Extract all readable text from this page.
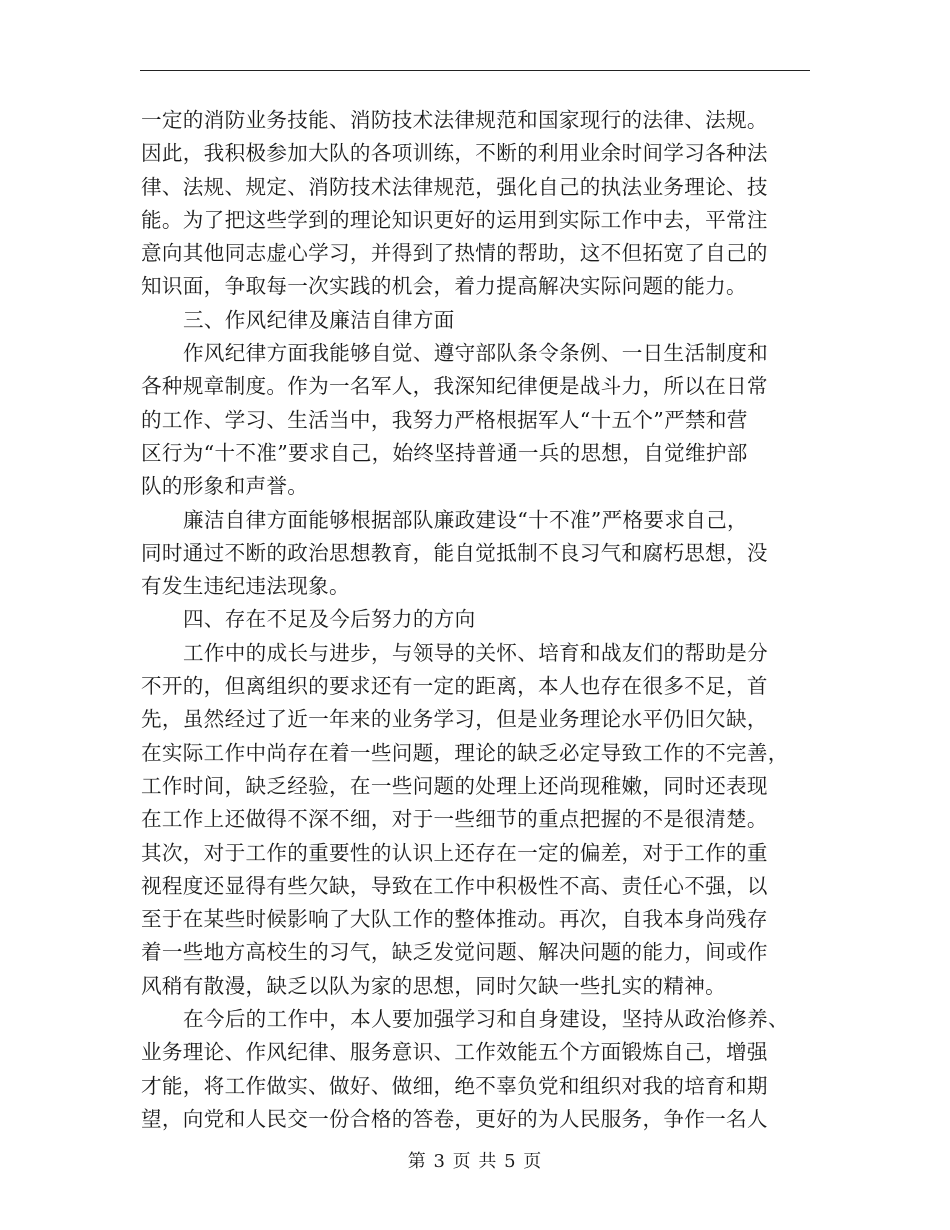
一定的消防业务技能、消防技术法律规范和国家现行的法律、法规。
因此，我积极参加大队的各项训练，不断的利用业余时间学习各种法
律、法规、规定、消防技术法律规范，强化自己的执法业务理论、技
能。为了把这些学到的理论知识更好的运用到实际工作中去，平常注
意向其他同志虚心学习，并得到了热情的帮助，这不但拓宽了自己的
知识面，争取每一次实践的机会，着力提高解决实际问题的能力。
三、作风纪律及廉洁自律方面
作风纪律方面我能够自觉、遵守部队条令条例、一日生活制度和
各种规章制度。作为一名军人，我深知纪律便是战斗力，所以在日常
的工作、学习、生活当中，我努力严格根据军人“十五个”严禁和营
区行为“十不准”要求自己，始终坚持普通一兵的思想，自觉维护部
队的形象和声誉。
廉洁自律方面能够根据部队廉政建设“十不准”严格要求自己，
同时通过不断的政治思想教育，能自觉抵制不良习气和腐朽思想，没
有发生违纪违法现象。
四、存在不足及今后努力的方向
工作中的成长与进步，与领导的关怀、培育和战友们的帮助是分
不开的，但离组织的要求还有一定的距离，本人也存在很多不足，首
先，虽然经过了近一年来的业务学习，但是业务理论水平仍旧欠缺，
在实际工作中尚存在着一些问题，理论的缺乏必定导致工作的不完善，
工作时间，缺乏经验，在一些问题的处理上还尚现稚嫩，同时还表现
在工作上还做得不深不细，对于一些细节的重点把握的不是很清楚。
其次，对于工作的重要性的认识上还存在一定的偏差，对于工作的重
视程度还显得有些欠缺，导致在工作中积极性不高、责任心不强，以
至于在某些时候影响了大队工作的整体推动。再次，自我本身尚残存
着一些地方高校生的习气，缺乏发觉问题、解决问题的能力，间或作
风稍有散漫，缺乏以队为家的思想，同时欠缺一些扎实的精神。
在今后的工作中，本人要加强学习和自身建设，坚持从政治修养、
业务理论、作风纪律、服务意识、工作效能五个方面锻炼自己，增强
才能，将工作做实、做好、做细，绝不辜负党和组织对我的培育和期
望，向党和人民交一份合格的答卷，更好的为人民服务，争作一名人
第 3 页 共 5 页
